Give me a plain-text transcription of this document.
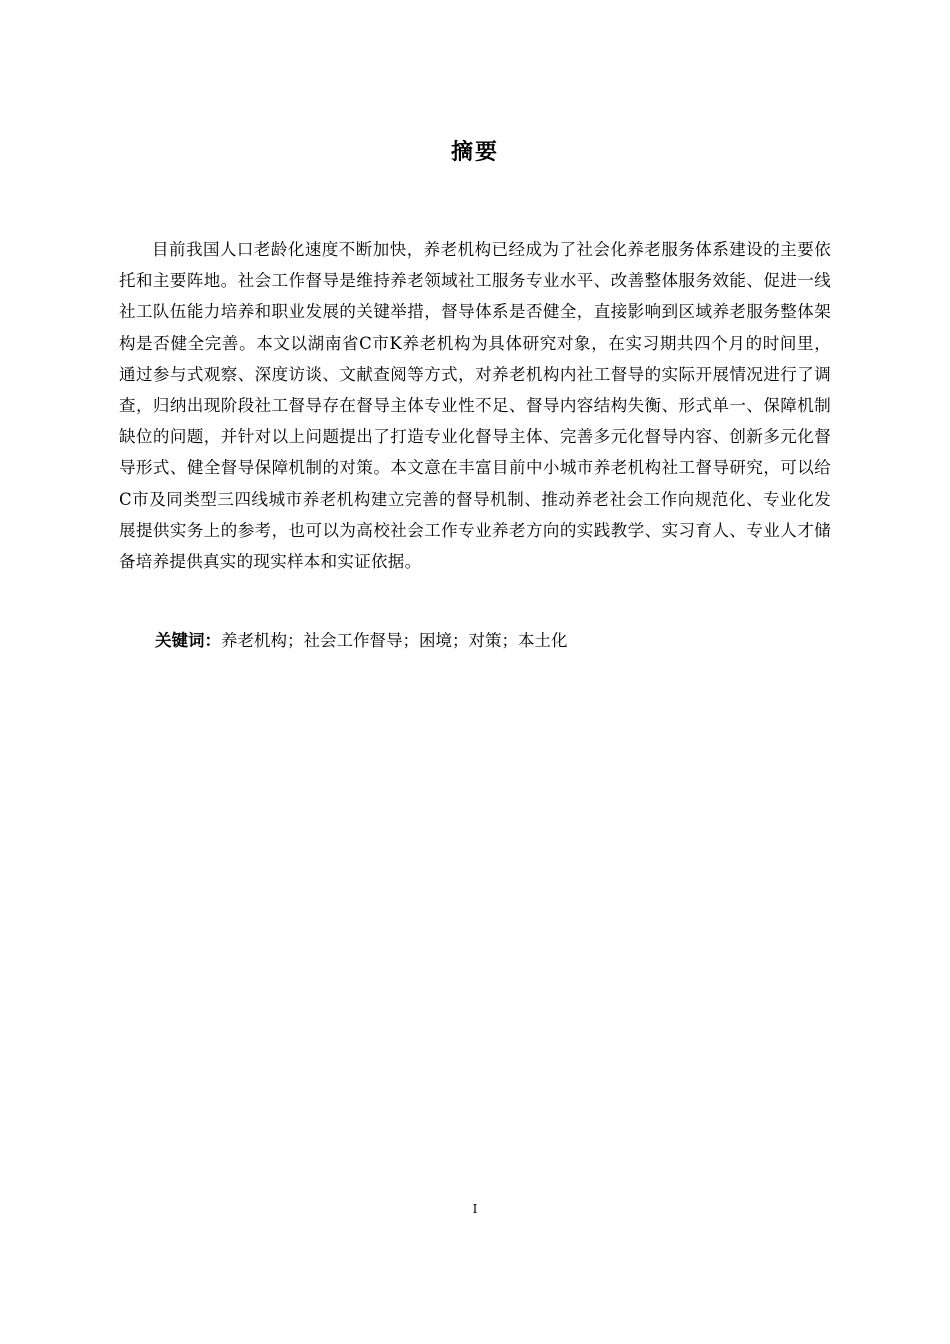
摘要

目前我国人口老龄化速度不断加快，养老机构已经成为了社会化养老服务体系建设的主要依托和主要阵地。社会工作督导是维持养老领域社工服务专业水平、改善整体服务效能、促进一线社工队伍能力培养和职业发展的关键举措，督导体系是否健全，直接影响到区域养老服务整体架构是否健全完善。本文以湖南省C市K养老机构为具体研究对象，在实习期共四个月的时间里，通过参与式观察、深度访谈、文献查阅等方式，对养老机构内社工督导的实际开展情况进行了调查，归纳出现阶段社工督导存在督导主体专业性不足、督导内容结构失衡、形式单一、保障机制缺位的问题，并针对以上问题提出了打造专业化督导主体、完善多元化督导内容、创新多元化督导形式、健全督导保障机制的对策。本文意在丰富目前中小城市养老机构社工督导研究，可以给C市及同类型三四线城市养老机构建立完善的督导机制、推动养老社会工作向规范化、专业化发展提供实务上的参考，也可以为高校社会工作专业养老方向的实践教学、实习育人、专业人才储备培养提供真实的现实样本和实证依据。

关键词：养老机构；社会工作督导；困境；对策；本土化

I
